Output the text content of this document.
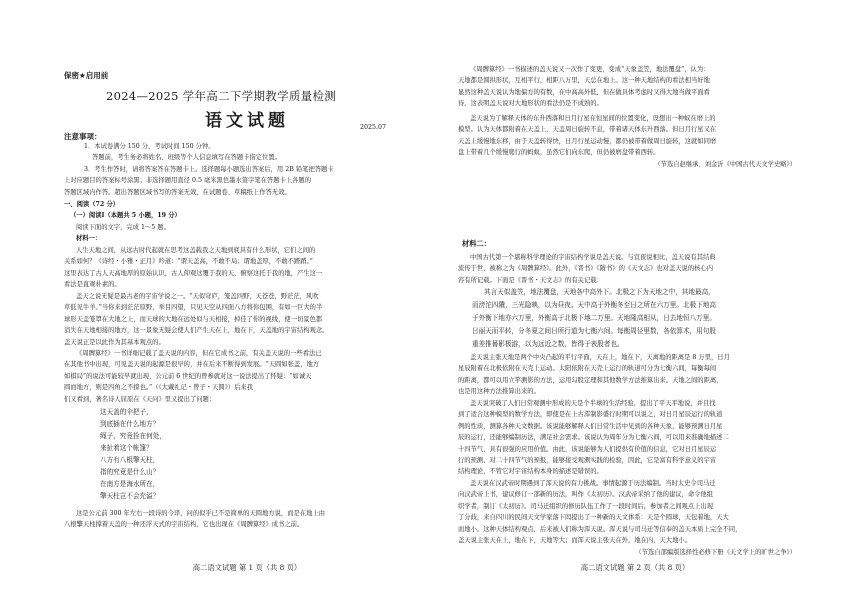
保密★启用前
2024—2025 学年高二下学期教学质量检测
语文试题	2025.07
注意事项：
1．本试卷满分 150 分，考试时间 150 分钟。
答题前，考生务必将姓名、班级等个人信息填写在答题卡指定位置。
3．考生作答时，请将答案答在答题卡上。选择题每小题选出答案后，用 2B 铅笔把答题卡
上对应题目的答案标号涂黑；非选择题用直径 0.5 毫米黑色墨水签字笔在答题卡上各题的
答题区域内作答。超出答题区域书写的答案无效，在试题卷、草稿纸上作答无效。
一、阅读（72 分）
（一）阅读Ⅰ（本题共 5 小题，19 分）
阅读下面的文字，完成 1～5 题。
材料一：
人生天地之间，从远古时代起就在思考这盖载我之天地到底具有什么形状，它们之间的
关系如何？《诗经・小雅・正月》吟道：“谓天盖高，不敢不局；谓地盖厚，不敢不蹐蹐。”
这里表达了古人天高地厚的原始认识，古人仰观这覆于我的天，俯察这托于我的地，产生这一
看法是直观朴素的。
盖天之说无疑是最古老的宇宙学说之一。“天似穹庐，笼盖四野，天苍苍，野茫茫，风吹
草低见牛羊。”当你来到茫茫原野，举目四望，只见天空从四面八方将你包围，有如一巨大的半
球形天盖笼罩在大地之上，而天球的大地在远处似与天相接，掉佳了你的视线，使一切景色都
消失在天地相接的地方，这一景象无疑会使人们产生天在上，地在下，天盖地的宇宙结构观念。
盖天说正是以此作为其基本观点的。
《周髀算经》一书详细记载了盖天说的内容，但在它成书之前，有关盖天说的一些看法已
在其他书中出现，可见盖天说的起源是很早的，并在后来不断得到发展。“天圆如张盖，地方
如棋局”的说法可能较早就出现，公元前 6 世纪的曾参就对这一说法提出了怀疑：“如诚天
圆而地方，则是四角之不揜也。”（《大戴礼记・曾子・天圆》）后来我
们又看到，著名诗人屈原在《天问》里又提出了问题：
这天盖的伞把子，
到底插在什么地方？
绳子，究竟拴在何处，
来扯着这个帐篷？
八方有八根擎天柱，
指的究竟是什么山？
在南方是海水所在，
擎天柱岂不会充溢？
这是公元前 300 年左右一段诗的今译，问的似乎已不是简单的天圆地方说，而是在地上由
八根擎天柱撑着天盖的一种还浮天式的宇宙结构，它也出现在《周髀算经》成书之前。
高二语文试题 第 1 页（共 8 页）
《周髀算经》一书描述的盖天说又一次作了变更，变成“天象盖笠，地法覆盘”，认为：
天地都是圆拱形状，互相平行，相距八万里，天总在地上。这一种天地结构的看法相当好地
显然这种盖天说认为地偏方的有数，在中高高外低，但在做具体考虑时又得大地当做平面看
待，这表明盖天说对大地形状的看法仍是不成熟的。
盖天说为了解释天体的东升西落和日月行星在恒星间的位置变化，设想出一种蚁在磨上的
模型。认为天体都附着在天盖上，天盖周日旋转不息，带着诸天体东升西落。但日月行星又在
天盖上缓慢地东移，由于天盖转得快，日月行星运动慢，都仍被带着做周日旋转，这就如同磨
盘上带着几个缓慢爬行的蚂蚁，虽然它们向东爬，但仍被磨盘带着西转。
（节选自赵继承、刘金沂《中国古代天文学史略》）
材料二：
中国古代第一个堪称科学理论的宇宙结构学说是盖天说。与宣夜说相比，盖天说有其结典
流传于世，被称之为《周髀算经》。此外，《晋书》《隋书》的《天文志》也对盖天说的核心内
容有所记载。下面是《晋书・天文志》的有关记载：
其言天似盖笠，地法覆盘，天地各中高外下。北极之下为天地之中，其地最高，
而滂沱四隤，三光隐映，以为昼夜。天中高于外衡冬至日之所在六万里。北极下地高
于外衡下地亦六万里，外衡高于北极下地二万里。天地隆高相从，日去地恒八万里。
日丽天而平转，分冬夏之间日所行道为七衡六间。每衡周径里数，各依算术，用句股
重差推晷影极游，以为远近之数，皆得于表股者也。
盖天说主张天地是两个中央凸起的平行平面，天在上，地在下，天离地的距离是 8 万里，日月
星辰附着在北极依附在天壳上运动。太阳依附在天壳上运行的轨道可分为七衡六间，每衡每间
的距离，都可以用立竿测影的方法，运用勾股定理和其他数学方法推算出来。天地之间的距离，
也是用这种方法推算出来的。
盖天说突破了人们日常观测中形成的天是个半球的生活经验，提出了平天平地说，并且找
到了适合这种模型的数学方法，即使是在上古浑制影盛行时期可以说之，对日月星辰运行的轨道
例的性质，测算各种天文数据。该说能够解释人们日常生活中见到的各种天象，能够预测日月星
辰的运行，还能够编制历法，满足社会需求。该说认为周年分为七衡六间，可以用来准确地描述二
十四节气，具有很强的应用价值。由此，该说能够为人们提供有价值的信息，它对日月星辰运
行的预测、对二十四节气的预报，能够接受观测实践的检验，因此，它是富有科学意义的宇宙
结构理论，不管它对宇宙结构本身的描述是错误的。
盖天说在汉武帝时期遇到了浑天说的有力挑战。事情起源于历法编制。当时太史令司马迁
向汉武帝上书，建议修订一部新的历法，叫作《太初历》。汉武帝采纳了他的建议，命令他组
织学者，制订《太初历》。司马迁组织的修历队伍工作了一段时间后，参加者之间观点上出现
了分歧，来自四川的民间天文学家落下闳提出了一种新的天文体系：天是个圆球，天包着地，天大
而地小。这种天体结构观点，后来被人们称为浑天说。浑天说与司马迁等信奉的盖天本质上完全不同，
盖天说主张天在上，地在下，天地等大；而浑天说主张天在外，地在内，天大地小。
（节选自部编版选择性必修下册《天文学上的旷世之争》）
高二语文试题 第 2 页（共 8 页）
